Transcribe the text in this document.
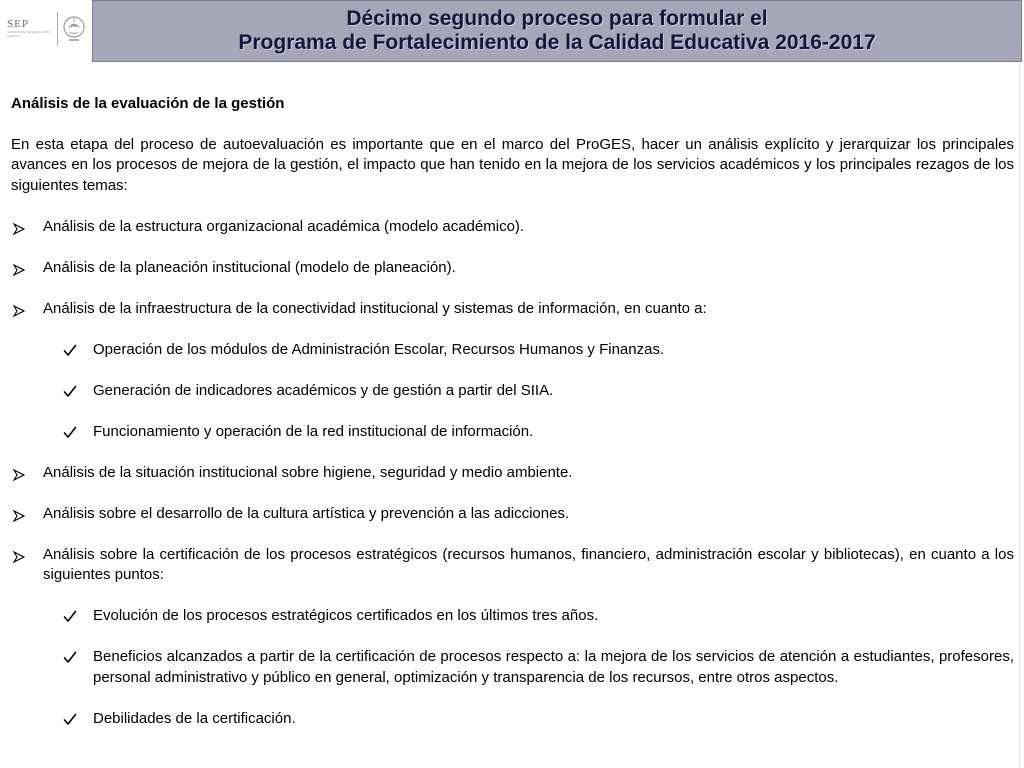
SEP
SECRETARÍA DE EDUCACIÓN PÚBLICA
Décimo segundo proceso para formular el
Programa de Fortalecimiento de la Calidad Educativa 2016-2017

Análisis de la evaluación de la gestión

En esta etapa del proceso de autoevaluación es importante que en el marco del ProGES, hacer un análisis explícito y jerarquizar los principales avances en los procesos de mejora de la gestión, el impacto que han tenido en la mejora de los servicios académicos y los principales rezagos de los siguientes temas:

Análisis de la estructura organizacional académica (modelo académico).
Análisis de la planeación institucional (modelo de planeación).
Análisis de la infraestructura de la conectividad institucional y sistemas de información, en cuanto a:
Operación de los módulos de Administración Escolar, Recursos Humanos y Finanzas.
Generación de indicadores académicos y de gestión a partir del SIIA.
Funcionamiento y operación de la red institucional de información.
Análisis de la situación institucional sobre higiene, seguridad y medio ambiente.
Análisis sobre el desarrollo de la cultura artística y prevención a las adicciones.
Análisis sobre la certificación de los procesos estratégicos (recursos humanos, financiero, administración escolar y bibliotecas), en cuanto a los siguientes puntos:
Evolución de los procesos estratégicos certificados en los últimos tres años.
Beneficios alcanzados a partir de la certificación de procesos respecto a: la mejora de los servicios de atención a estudiantes, profesores, personal administrativo y público en general, optimización y transparencia de los recursos, entre otros aspectos.
Debilidades de la certificación.
